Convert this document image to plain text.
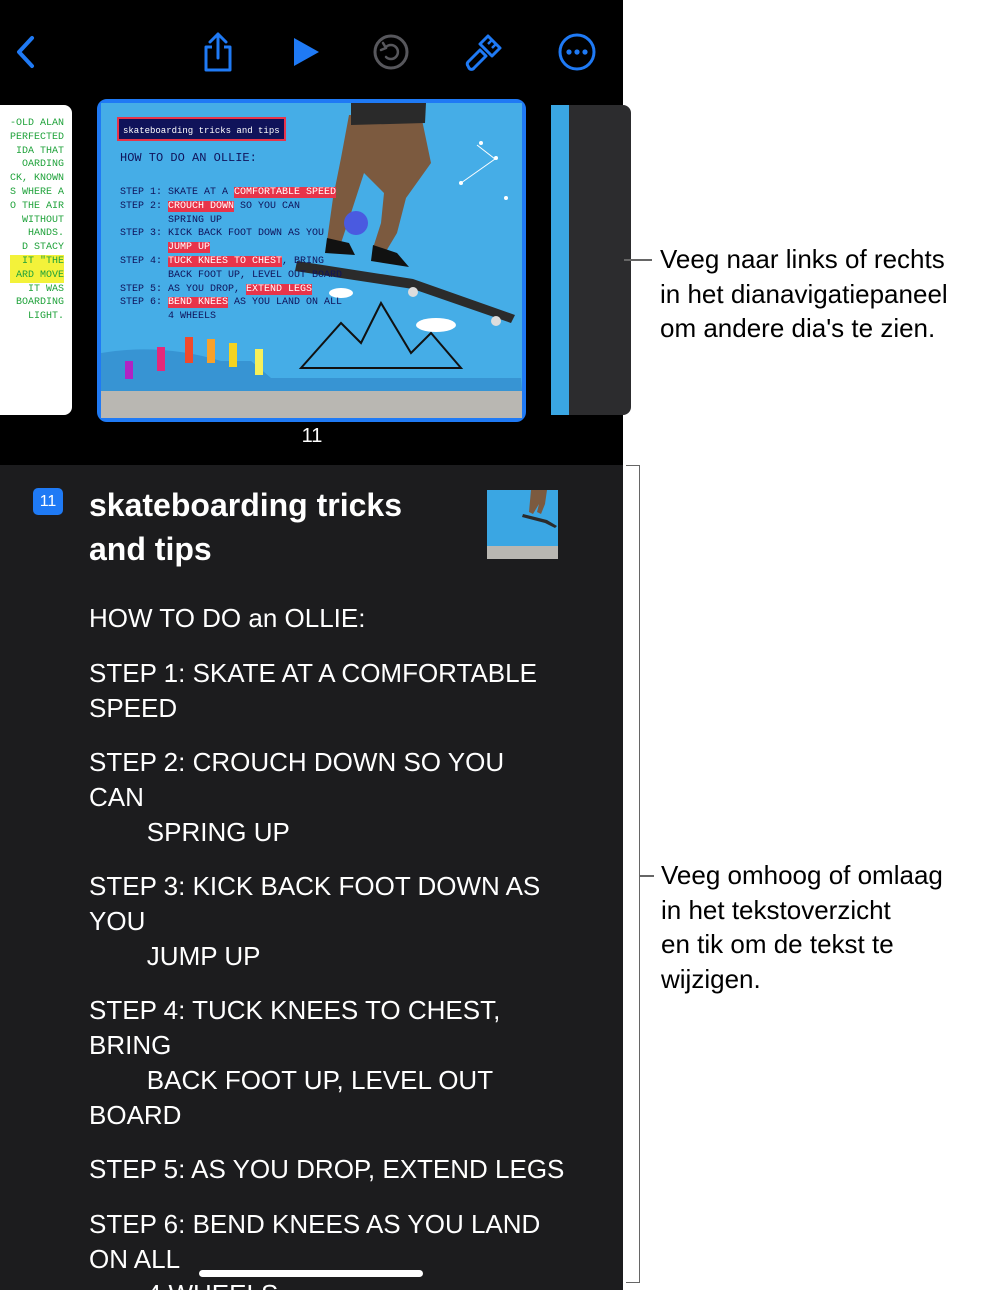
-OLD ALAN
PERFECTED
IDA THAT
OARDING
CK, KNOWN
S WHERE A
O THE AIR
WITHOUT
HANDS.
D STACY
IT "THE
ARD MOVE
IT WAS
BOARDING
LIGHT.
skateboarding tricks and tips
HOW TO DO AN OLLIE:
STEP 1: SKATE AT A COMFORTABLE SPEED
STEP 2: CROUCH DOWN SO YOU CAN
SPRING UP
STEP 3: KICK BACK FOOT DOWN AS YOU
JUMP UP
STEP 4: TUCK KNEES TO CHEST, BRING
BACK FOOT UP, LEVEL OUT BOARD
STEP 5: AS YOU DROP, EXTEND LEGS
STEP 6: BEND KNEES AS YOU LAND ON ALL
4 WHEELS
11
11 skateboarding tricks
and tips
HOW TO DO an OLLIE:
STEP 1: SKATE AT A COMFORTABLE
SPEED
STEP 2: CROUCH DOWN SO YOU
CAN
SPRING UP
STEP 3: KICK BACK FOOT DOWN AS
YOU
JUMP UP
STEP 4: TUCK KNEES TO CHEST,
BRING
BACK FOOT UP, LEVEL OUT
BOARD
STEP 5: AS YOU DROP, EXTEND LEGS
STEP 6: BEND KNEES AS YOU LAND
ON ALL
4 WHEELS
Veeg naar links of rechts
in het dianavigatiepaneel
om andere dia's te zien.
Veeg omhoog of omlaag
in het tekstoverzicht
en tik om de tekst te
wijzigen.
